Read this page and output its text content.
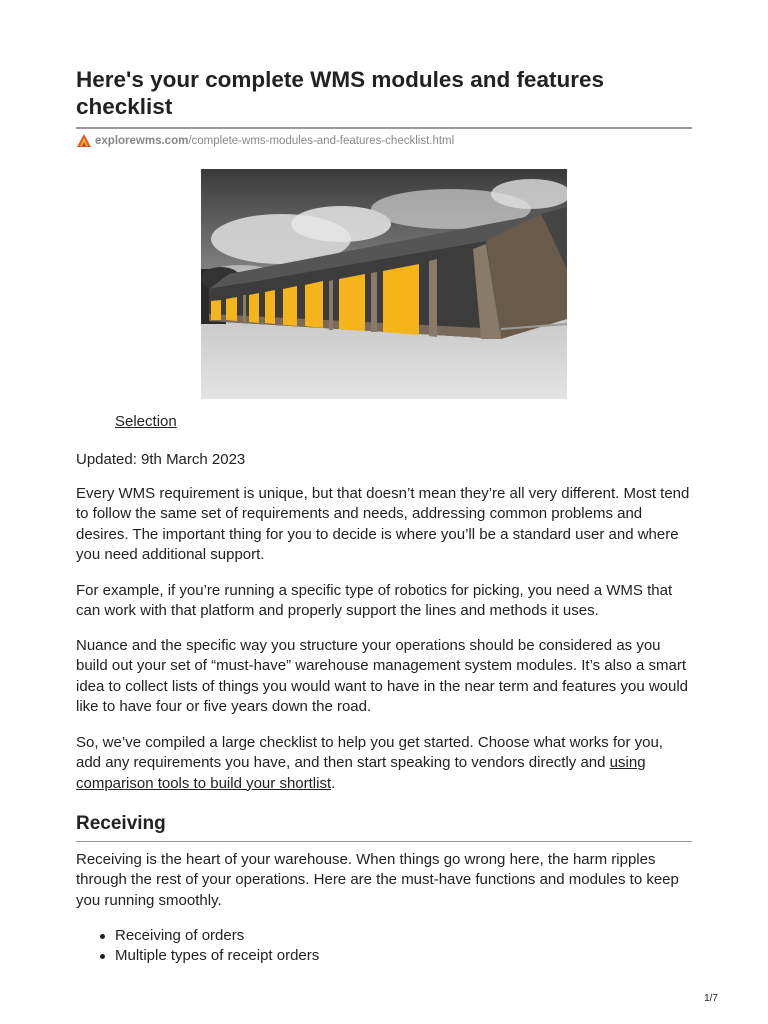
Here's your complete WMS modules and features checklist
explorewms.com /complete-wms-modules-and-features-checklist.html
Selection

Updated: 9th March 2023

Every WMS requirement is unique, but that doesn’t mean they’re all very different. Most tend to follow the same set of requirements and needs, addressing common problems and desires. The important thing for you to decide is where you’ll be a standard user and where you need additional support.

For example, if you’re running a specific type of robotics for picking, you need a WMS that can work with that platform and properly support the lines and methods it uses.

Nuance and the specific way you structure your operations should be considered as you build out your set of “must-have” warehouse management system modules. It’s also a smart idea to collect lists of things you would want to have in the near term and features you would like to have four or five years down the road.

So, we’ve compiled a large checklist to help you get started. Choose what works for you, add any requirements you have, and then start speaking to vendors directly and using comparison tools to build your shortlist.

Receiving

Receiving is the heart of your warehouse. When things go wrong here, the harm ripples through the rest of your operations. Here are the must-have functions and modules to keep you running smoothly.

Receiving of orders
Multiple types of receipt orders
1/7
